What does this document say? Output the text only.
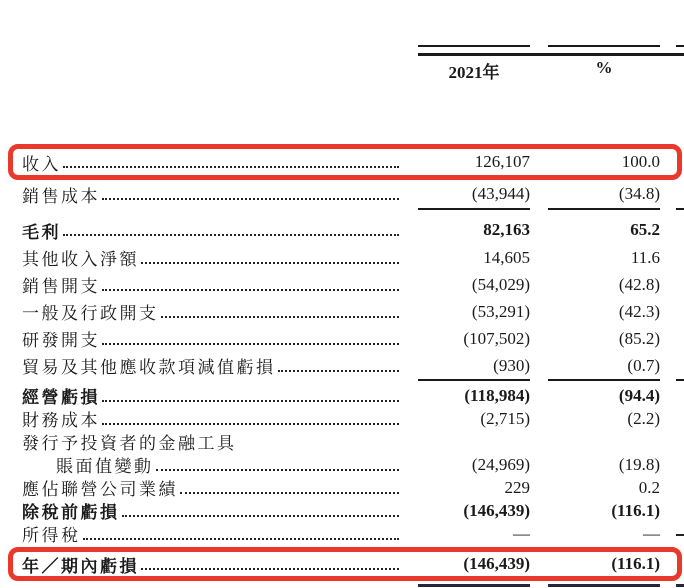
2021年	%
收入	126,107	100.0
銷售成本	(43,944)	(34.8)
毛利	82,163	65.2
其他收入淨額	14,605	11.6
銷售開支	(54,029)	(42.8)
一般及行政開支	(53,291)	(42.3)
研發開支	(107,502)	(85.2)
貿易及其他應收款項減值虧損	(930)	(0.7)
經營虧損	(118,984)	(94.4)
財務成本	(2,715)	(2.2)
發行予投資者的金融工具
賬面值變動	(24,969)	(19.8)
應佔聯營公司業績	229	0.2
除稅前虧損	(146,439)	(116.1)
所得稅	—	—
年／期內虧損	(146,439)	(116.1)
